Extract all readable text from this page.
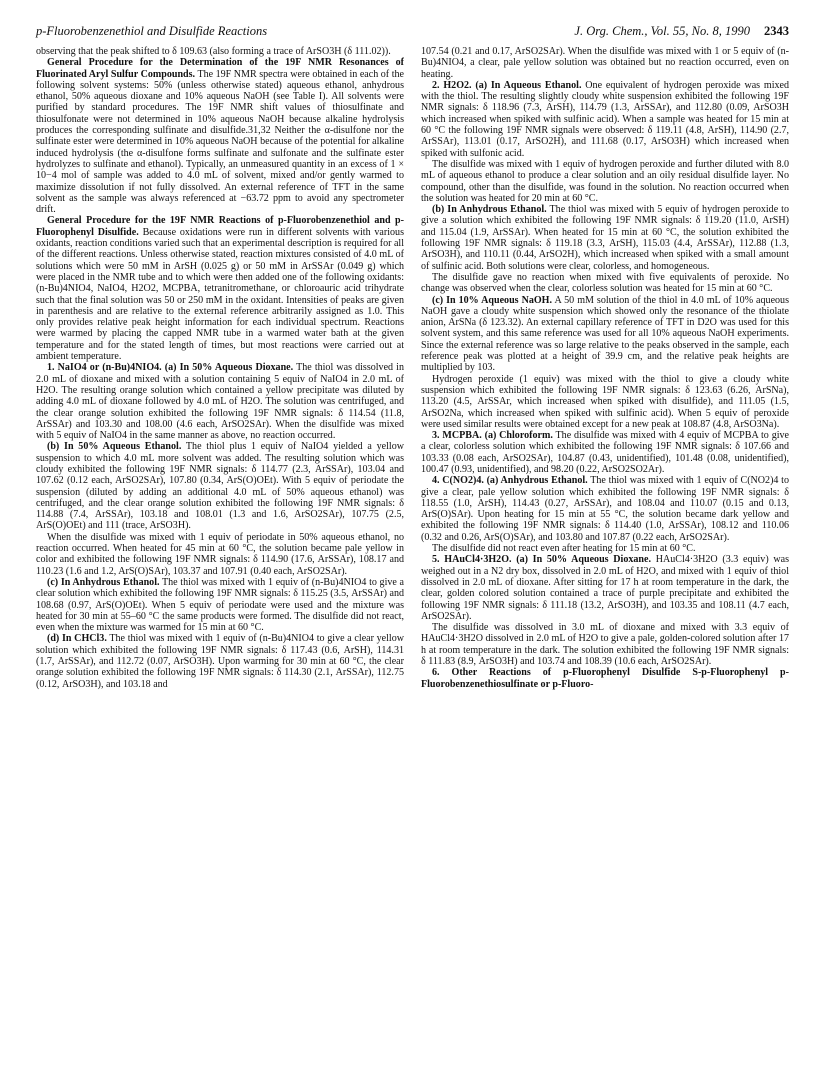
p-Fluorobenzenethiol and Disulfide Reactions	J. Org. Chem., Vol. 55, No. 8, 1990 2343

observing that the peak shifted to δ 109.63 (also forming a trace of ArSO3H (δ 111.02)).

General Procedure for the Determination of the 19F NMR Resonances of Fluorinated Aryl Sulfur Compounds. The 19F NMR spectra were obtained in each of the following solvent systems: 50% (unless otherwise stated) aqueous ethanol, anhydrous ethanol, 50% aqueous dioxane and 10% aqueous NaOH (see Table I). All solvents were purified by standard procedures. The 19F NMR shift values of thiosulfinate and thiosulfonate were not determined in 10% aqueous NaOH because alkaline hydrolysis produces the corresponding sulfinate and disulfide.31,32 Neither the α-disulfone nor the sulfinate ester were determined in 10% aqueous NaOH because of the potential for alkaline induced hydrolysis (the α-disulfone forms sulfinate and sulfonate and the sulfinate ester hydrolyzes to sulfinate and ethanol). Typically, an unmeasured quantity in an excess of 1 × 10−4 mol of sample was added to 4.0 mL of solvent, mixed and/or gently warmed to maximize dissolution if not fully dissolved. An external reference of TFT in the same solvent as the sample was always referenced at −63.72 ppm to avoid any spectrometer drift.

General Procedure for the 19F NMR Reactions of p-Fluorobenzenethiol and p-Fluorophenyl Disulfide. Because oxidations were run in different solvents with various oxidants, reaction conditions varied such that an experimental description is required for all of the different reactions. Unless otherwise stated, reaction mixtures consisted of 4.0 mL of solutions which were 50 mM in ArSH (0.025 g) or 50 mM in ArSSAr (0.049 g) which were placed in the NMR tube and to which were then added one of the following oxidants: (n-Bu)4NIO4, NaIO4, H2O2, MCPBA, tetranitromethane, or chloroauric acid trihydrate such that the final solution was 50 or 250 mM in the oxidant. Intensities of peaks are given in parenthesis and are relative to the external reference arbitrarily assigned as 1.0. This only provides relative peak height information for each individual spectrum. Reactions were warmed by placing the capped NMR tube in a warmed water bath at the given temperature and for the stated length of times, but most reactions were carried out at ambient temperature.

1. NaIO4 or (n-Bu)4NIO4. (a) In 50% Aqueous Dioxane. The thiol was dissolved in 2.0 mL of dioxane and mixed with a solution containing 5 equiv of NaIO4 in 2.0 mL of H2O. The resulting orange solution which contained a yellow precipitate was diluted by adding 4.0 mL of dioxane followed by 4.0 mL of H2O. The solution was centrifuged, and the clear orange solution exhibited the following 19F NMR signals: δ 114.54 (11.8, ArSSAr) and 103.30 and 108.00 (4.6 each, ArSO2SAr). When the disulfide was mixed with 5 equiv of NaIO4 in the same manner as above, no reaction occurred.

(b) In 50% Aqueous Ethanol. The thiol plus 1 equiv of NaIO4 yielded a yellow suspension to which 4.0 mL more solvent was added. The resulting solution which was cloudy exhibited the following 19F NMR signals: δ 114.77 (2.3, ArSSAr), 103.04 and 107.62 (0.12 each, ArSO2SAr), 107.80 (0.34, ArS(O)OEt). With 5 equiv of periodate the suspension (diluted by adding an additional 4.0 mL of 50% aqueous ethanol) was centrifuged, and the clear orange solution exhibited the following 19F NMR signals: δ 114.88 (7.4, ArSSAr), 103.18 and 108.01 (1.3 and 1.6, ArSO2SAr), 107.75 (2.5, ArS(O)OEt) and 111 (trace, ArSO3H).

When the disulfide was mixed with 1 equiv of periodate in 50% aqueous ethanol, no reaction occurred. When heated for 45 min at 60 °C, the solution became pale yellow in color and exhibited the following 19F NMR signals: δ 114.90 (17.6, ArSSAr), 108.17 and 110.23 (1.6 and 1.2, ArS(O)SAr), 103.37 and 107.91 (0.40 each, ArSO2SAr).

(c) In Anhydrous Ethanol. The thiol was mixed with 1 equiv of (n-Bu)4NIO4 to give a clear solution which exhibited the following 19F NMR signals: δ 115.25 (3.5, ArSSAr) and 108.68 (0.97, ArS(O)OEt). When 5 equiv of periodate were used and the mixture was heated for 30 min at 55–60 °C the same products were formed. The disulfide did not react, even when the mixture was warmed for 15 min at 60 °C.

(d) In CHCl3. The thiol was mixed with 1 equiv of (n-Bu)4NIO4 to give a clear yellow solution which exhibited the following 19F NMR signals: δ 117.43 (0.6, ArSH), 114.31 (1.7, ArSSAr), and 112.72 (0.07, ArSO3H). Upon warming for 30 min at 60 °C, the clear orange solution exhibited the following 19F NMR signals: δ 114.30 (2.1, ArSSAr), 112.75 (0.12, ArSO3H), and 103.18 and

107.54 (0.21 and 0.17, ArSO2SAr). When the disulfide was mixed with 1 or 5 equiv of (n-Bu)4NIO4, a clear, pale yellow solution was obtained but no reaction occurred, even on heating.

2. H2O2. (a) In Aqueous Ethanol. One equivalent of hydrogen peroxide was mixed with the thiol. The resulting slightly cloudy white suspension exhibited the following 19F NMR signals: δ 118.96 (7.3, ArSH), 114.79 (1.3, ArSSAr), and 112.80 (0.09, ArSO3H which increased when spiked with sulfinic acid). When a sample was heated for 15 min at 60 °C the following 19F NMR signals were observed: δ 119.11 (4.8, ArSH), 114.90 (2.7, ArSSAr), 113.01 (0.17, ArSO2H), and 111.68 (0.17, ArSO3H) which increased when spiked with sulfonic acid.

The disulfide was mixed with 1 equiv of hydrogen peroxide and further diluted with 8.0 mL of aqueous ethanol to produce a clear solution and an oily residual disulfide layer. No compound, other than the disulfide, was found in the solution. No reaction occurred when the solution was heated for 20 min at 60 °C.

(b) In Anhydrous Ethanol. The thiol was mixed with 5 equiv of hydrogen peroxide to give a solution which exhibited the following 19F NMR signals: δ 119.20 (11.0, ArSH) and 115.04 (1.9, ArSSAr). When heated for 15 min at 60 °C, the solution exhibited the following 19F NMR signals: δ 119.18 (3.3, ArSH), 115.03 (4.4, ArSSAr), 112.88 (1.3, ArSO3H), and 110.11 (0.44, ArSO2H), which increased when spiked with a small amount of sulfinic acid. Both solutions were clear, colorless, and homogeneous.

The disulfide gave no reaction when mixed with five equivalents of peroxide. No change was observed when the clear, colorless solution was heated for 15 min at 60 °C.

(c) In 10% Aqueous NaOH. A 50 mM solution of the thiol in 4.0 mL of 10% aqueous NaOH gave a cloudy white suspension which showed only the resonance of the thiolate anion, ArSNa (δ 123.32). An external capillary reference of TFT in D2O was used for this solvent system, and this same reference was used for all 10% aqueous NaOH experiments. Since the external reference was so large relative to the peaks observed in the sample, each reference peak was plotted at a height of 39.9 cm, and the relative peak heights are multiplied by 103.

Hydrogen peroxide (1 equiv) was mixed with the thiol to give a cloudy white suspension which exhibited the following 19F NMR signals: δ 123.63 (6.26, ArSNa), 113.20 (4.5, ArSSAr, which increased when spiked with disulfide), and 111.05 (1.5, ArSO2Na, which increased when spiked with sulfinic acid). When 5 equiv of peroxide were used similar results were obtained except for a new peak at 108.87 (4.8, ArSO3Na).

3. MCPBA. (a) Chloroform. The disulfide was mixed with 4 equiv of MCPBA to give a clear, colorless solution which exhibited the following 19F NMR signals: δ 107.66 and 103.33 (0.08 each, ArSO2SAr), 104.87 (0.43, unidentified), 101.48 (0.08, unidentified), 100.47 (0.93, unidentified), and 98.20 (0.22, ArSO2SO2Ar).

4. C(NO2)4. (a) Anhydrous Ethanol. The thiol was mixed with 1 equiv of C(NO2)4 to give a clear, pale yellow solution which exhibited the following 19F NMR signals: δ 118.55 (1.0, ArSH), 114.43 (0.27, ArSSAr), and 108.04 and 110.07 (0.15 and 0.13, ArS(O)SAr). Upon heating for 15 min at 55 °C, the solution became dark yellow and exhibited the following 19F NMR signals: δ 114.40 (1.0, ArSSAr), 108.12 and 110.06 (0.32 and 0.26, ArS(O)SAr), and 103.80 and 107.87 (0.22 each, ArSO2SAr).

The disulfide did not react even after heating for 15 min at 60 °C.

5. HAuCl4·3H2O. (a) In 50% Aqueous Dioxane. HAuCl4·3H2O (3.3 equiv) was weighed out in a N2 dry box, dissolved in 2.0 mL of H2O, and mixed with 1 equiv of thiol dissolved in 2.0 mL of dioxane. After sitting for 17 h at room temperature in the dark, the clear, golden colored solution contained a trace of purple precipitate and exhibited the following 19F NMR signals: δ 111.18 (13.2, ArSO3H), and 103.35 and 108.11 (4.7 each, ArSO2SAr).

The disulfide was dissolved in 3.0 mL of dioxane and mixed with 3.3 equiv of HAuCl4·3H2O dissolved in 2.0 mL of H2O to give a pale, golden-colored solution after 17 h at room temperature in the dark. The solution exhibited the following 19F NMR signals: δ 111.83 (8.9, ArSO3H) and 103.74 and 108.39 (10.6 each, ArSO2SAr).

6. Other Reactions of p-Fluorophenyl Disulfide S-p-Fluorophenyl p-Fluorobenzenethiosulfinate or p-Fluoro-
